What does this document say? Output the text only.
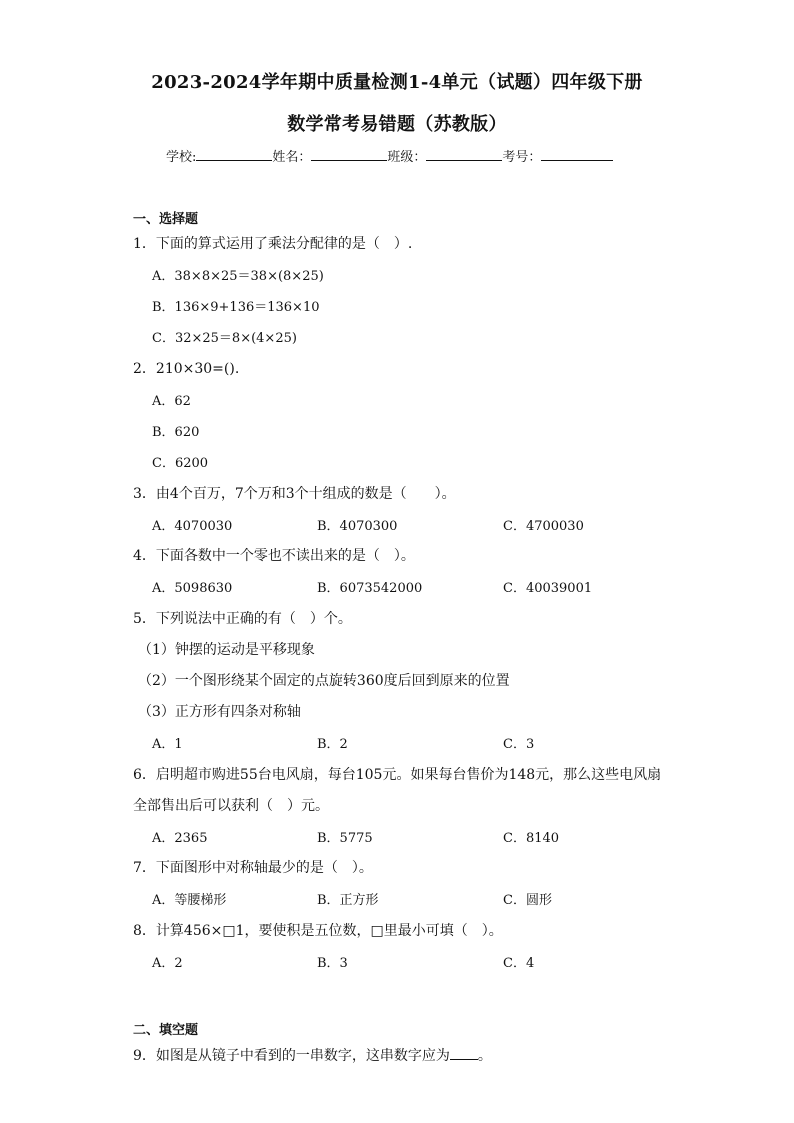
2023-2024学年期中质量检测1-4单元（试题）四年级下册
数学常考易错题（苏教版）
学校:	姓名：	班级：	考号：
一、选择题
1．下面的算式运用了乘法分配律的是（　）.
A．38×8×25＝38×(8×25)
B．136×9+136＝136×10
C．32×25＝8×(4×25)
2．210×30=().
A．62
B．620
C．6200
3．由4个百万，7个万和3个十组成的数是（　　）。
A．4070030	B．4070300	C．4700030
4．下面各数中一个零也不读出来的是（　）。
A．5098630	B．6073542000	C．40039001
5．下列说法中正确的有（　）个。
（1）钟摆的运动是平移现象
（2）一个图形绕某个固定的点旋转360度后回到原来的位置
（3）正方形有四条对称轴
A．1	B．2	C．3
6．启明超市购进55台电风扇，每台105元。如果每台售价为148元，那么这些电风扇
全部售出后可以获利（　）元。
A．2365	B．5775	C．8140
7．下面图形中对称轴最少的是（　）。
A．等腰梯形	B．正方形	C．圆形
8．计算456×□1，要使积是五位数，□里最小可填（　）。
A．2	B．3	C．4
二、填空题
9．如图是从镜子中看到的一串数字，这串数字应为 。
